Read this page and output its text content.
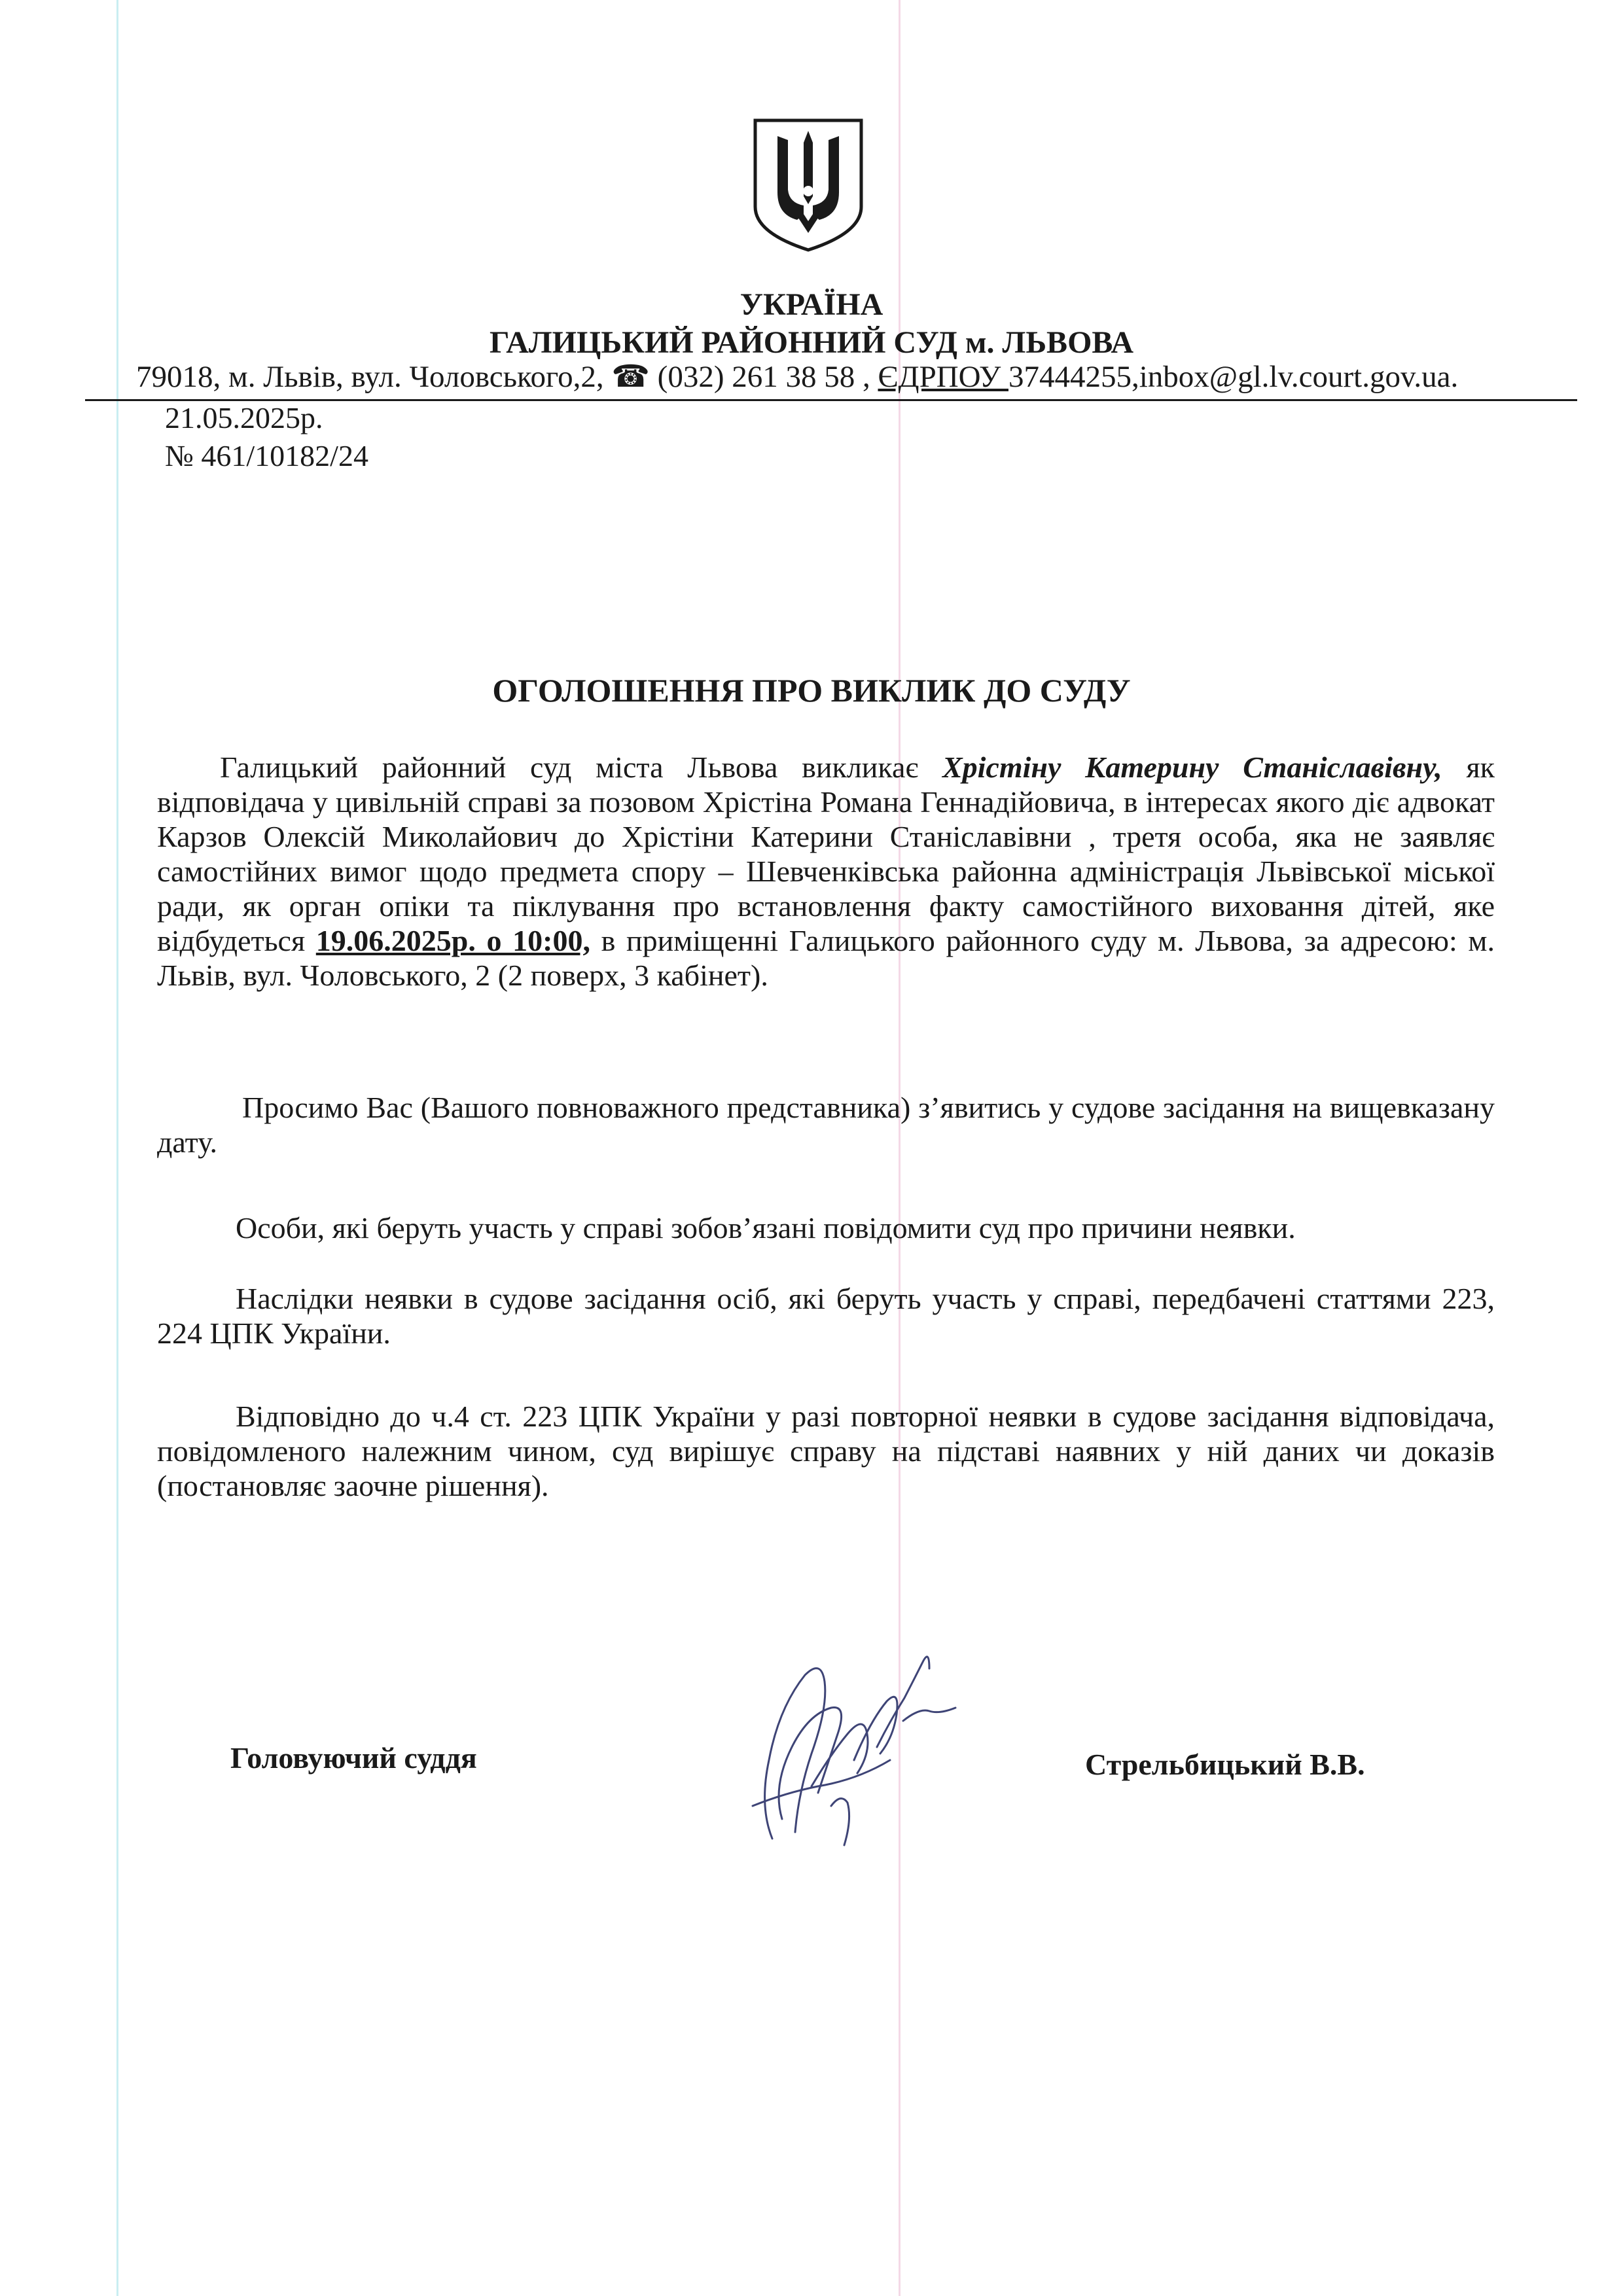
УКРАЇНА
ГАЛИЦЬКИЙ РАЙОННИЙ СУД м. ЛЬВОВА
79018, м. Львів, вул. Чоловського,2, ☎ (032) 261 38 58 , ЄДРПОУ 37444255,inbox@gl.lv.court.gov.ua.
21.05.2025р.
№ 461/10182/24
ОГОЛОШЕННЯ ПРО ВИКЛИК ДО СУДУ

Галицький районний суд міста Львова викликає Хрістіну Катерину Станіславівну, як відповідача у цивільній справі за позовом Хрістіна Романа Геннадійовича, в інтересах якого діє адвокат Карзов Олексій Миколайович до Хрістіни Катерини Станіславівни , третя особа, яка не заявляє самостійних вимог щодо предмета спору – Шевченківська районна адміністрація Львівської міської ради, як орган опіки та піклування про встановлення факту самостійного виховання дітей, яке відбудеться 19.06.2025р. о 10:00, в приміщенні Галицького районного суду м. Львова, за адресою: м. Львів, вул. Чоловського, 2 (2 поверх, 3 кабінет).

Просимо Вас (Вашого повноважного представника) з’явитись у судове засідання на вищевказану дату.

Особи, які беруть участь у справі зобов’язані повідомити суд про причини неявки.

Наслідки неявки в судове засідання осіб, які беруть участь у справі, передбачені статтями 223, 224 ЦПК України.

Відповідно до ч.4 ст. 223 ЦПК України у разі повторної неявки в судове засідання відповідача, повідомленого належним чином, суд вирішує справу на підставі наявних у ній даних чи доказів (постановляє заочне рішення).

Головуючий суддя	Стрельбицький В.В.
